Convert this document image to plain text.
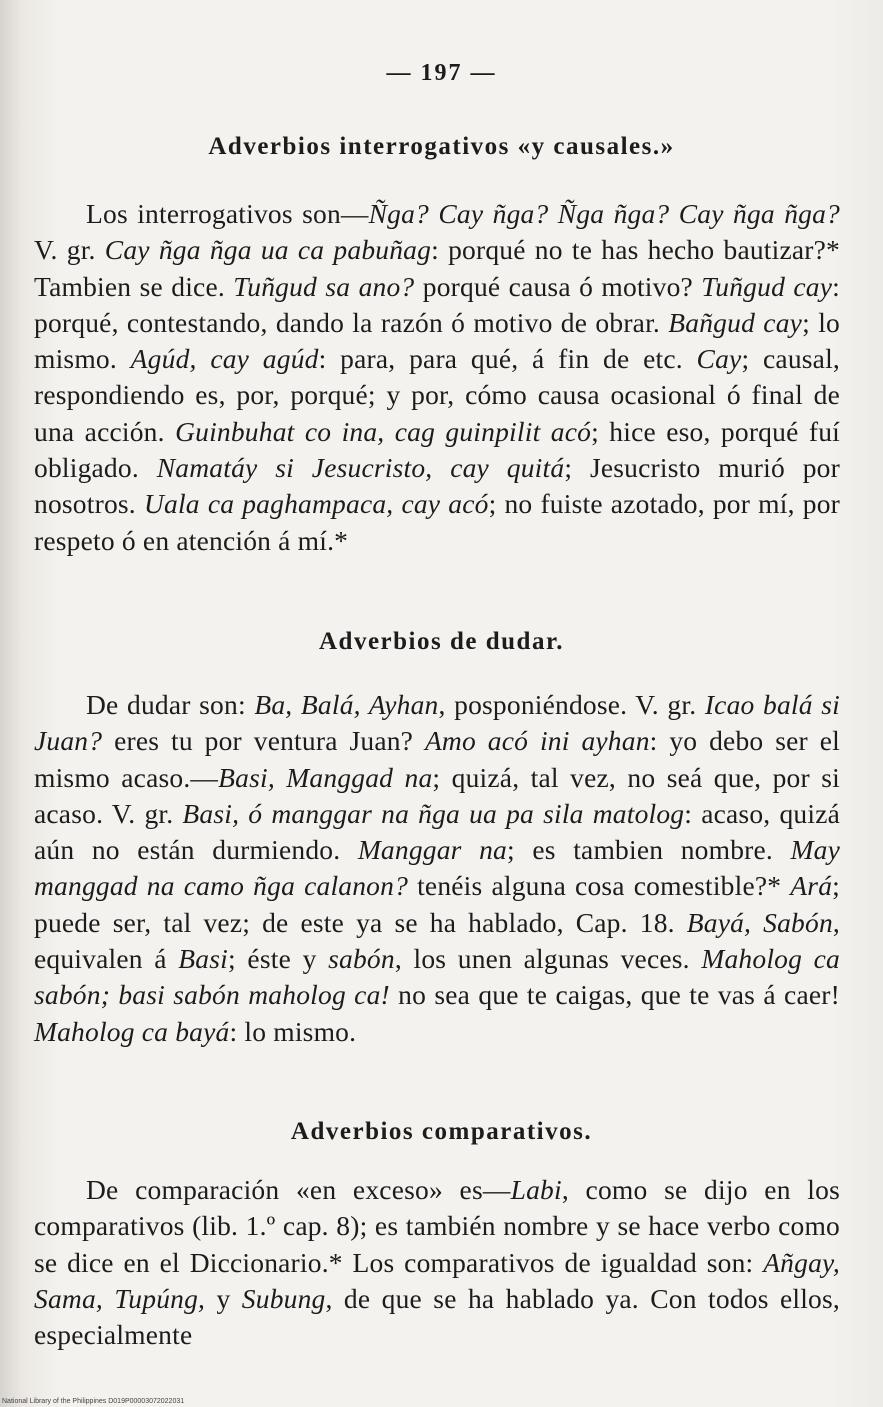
— 197 —
Adverbios interrogativos «y causales.»
Los interrogativos son—Ñga? Cay ñga? Ñga ñga? Cay ñga ñga? V. gr. Cay ñga ñga ua ca pabuñag: porqué no te has hecho bautizar?* Tambien se dice. Tuñgud sa ano? porqué causa ó motivo? Tuñgud cay: porqué, contestando, dando la razón ó motivo de obrar. Bañgud cay; lo mismo. Agúd, cay agúd: para, para qué, á fin de etc. Cay; causal, respondiendo es, por, porqué; y por, cómo causa ocasional ó final de una acción. Guinbuhat co ina, cag guinpilit acó; hice eso, porqué fuí obligado. Namatáy si Jesucristo, cay quitá; Jesucristo murió por nosotros. Uala ca paghampaca, cay acó; no fuiste azotado, por mí, por respeto ó en atención á mí.*
Adverbios de dudar.
De dudar son: Ba, Balá, Ayhan, posponiéndose. V. gr. Icao balá si Juan? eres tu por ventura Juan? Amo acó ini ayhan: yo debo ser el mismo acaso.—Basi, Manggad na; quizá, tal vez, no seá que, por si acaso. V. gr. Basi, ó manggar na ñga ua pa sila matolog: acaso, quizá aún no están durmiendo. Manggar na; es tambien nombre. May manggad na camo ñga calanon? tenéis alguna cosa comestible?* Ará; puede ser, tal vez; de este ya se ha hablado, Cap. 18. Bayá, Sabón, equivalen á Basi; éste y sabón, los unen algunas veces. Maholog ca sabón; basi sabón maholog ca! no sea que te caigas, que te vas á caer! Maholog ca bayá: lo mismo.
Adverbios comparativos.
De comparación «en exceso» es—Labi, como se dijo en los comparativos (lib. 1.º cap. 8); es también nombre y se hace verbo como se dice en el Diccionario.* Los comparativos de igualdad son: Añgay, Sama, Tupúng, y Subung, de que se ha hablado ya. Con todos ellos, especialmente
National Library of the Philippines D019P00003072022031
